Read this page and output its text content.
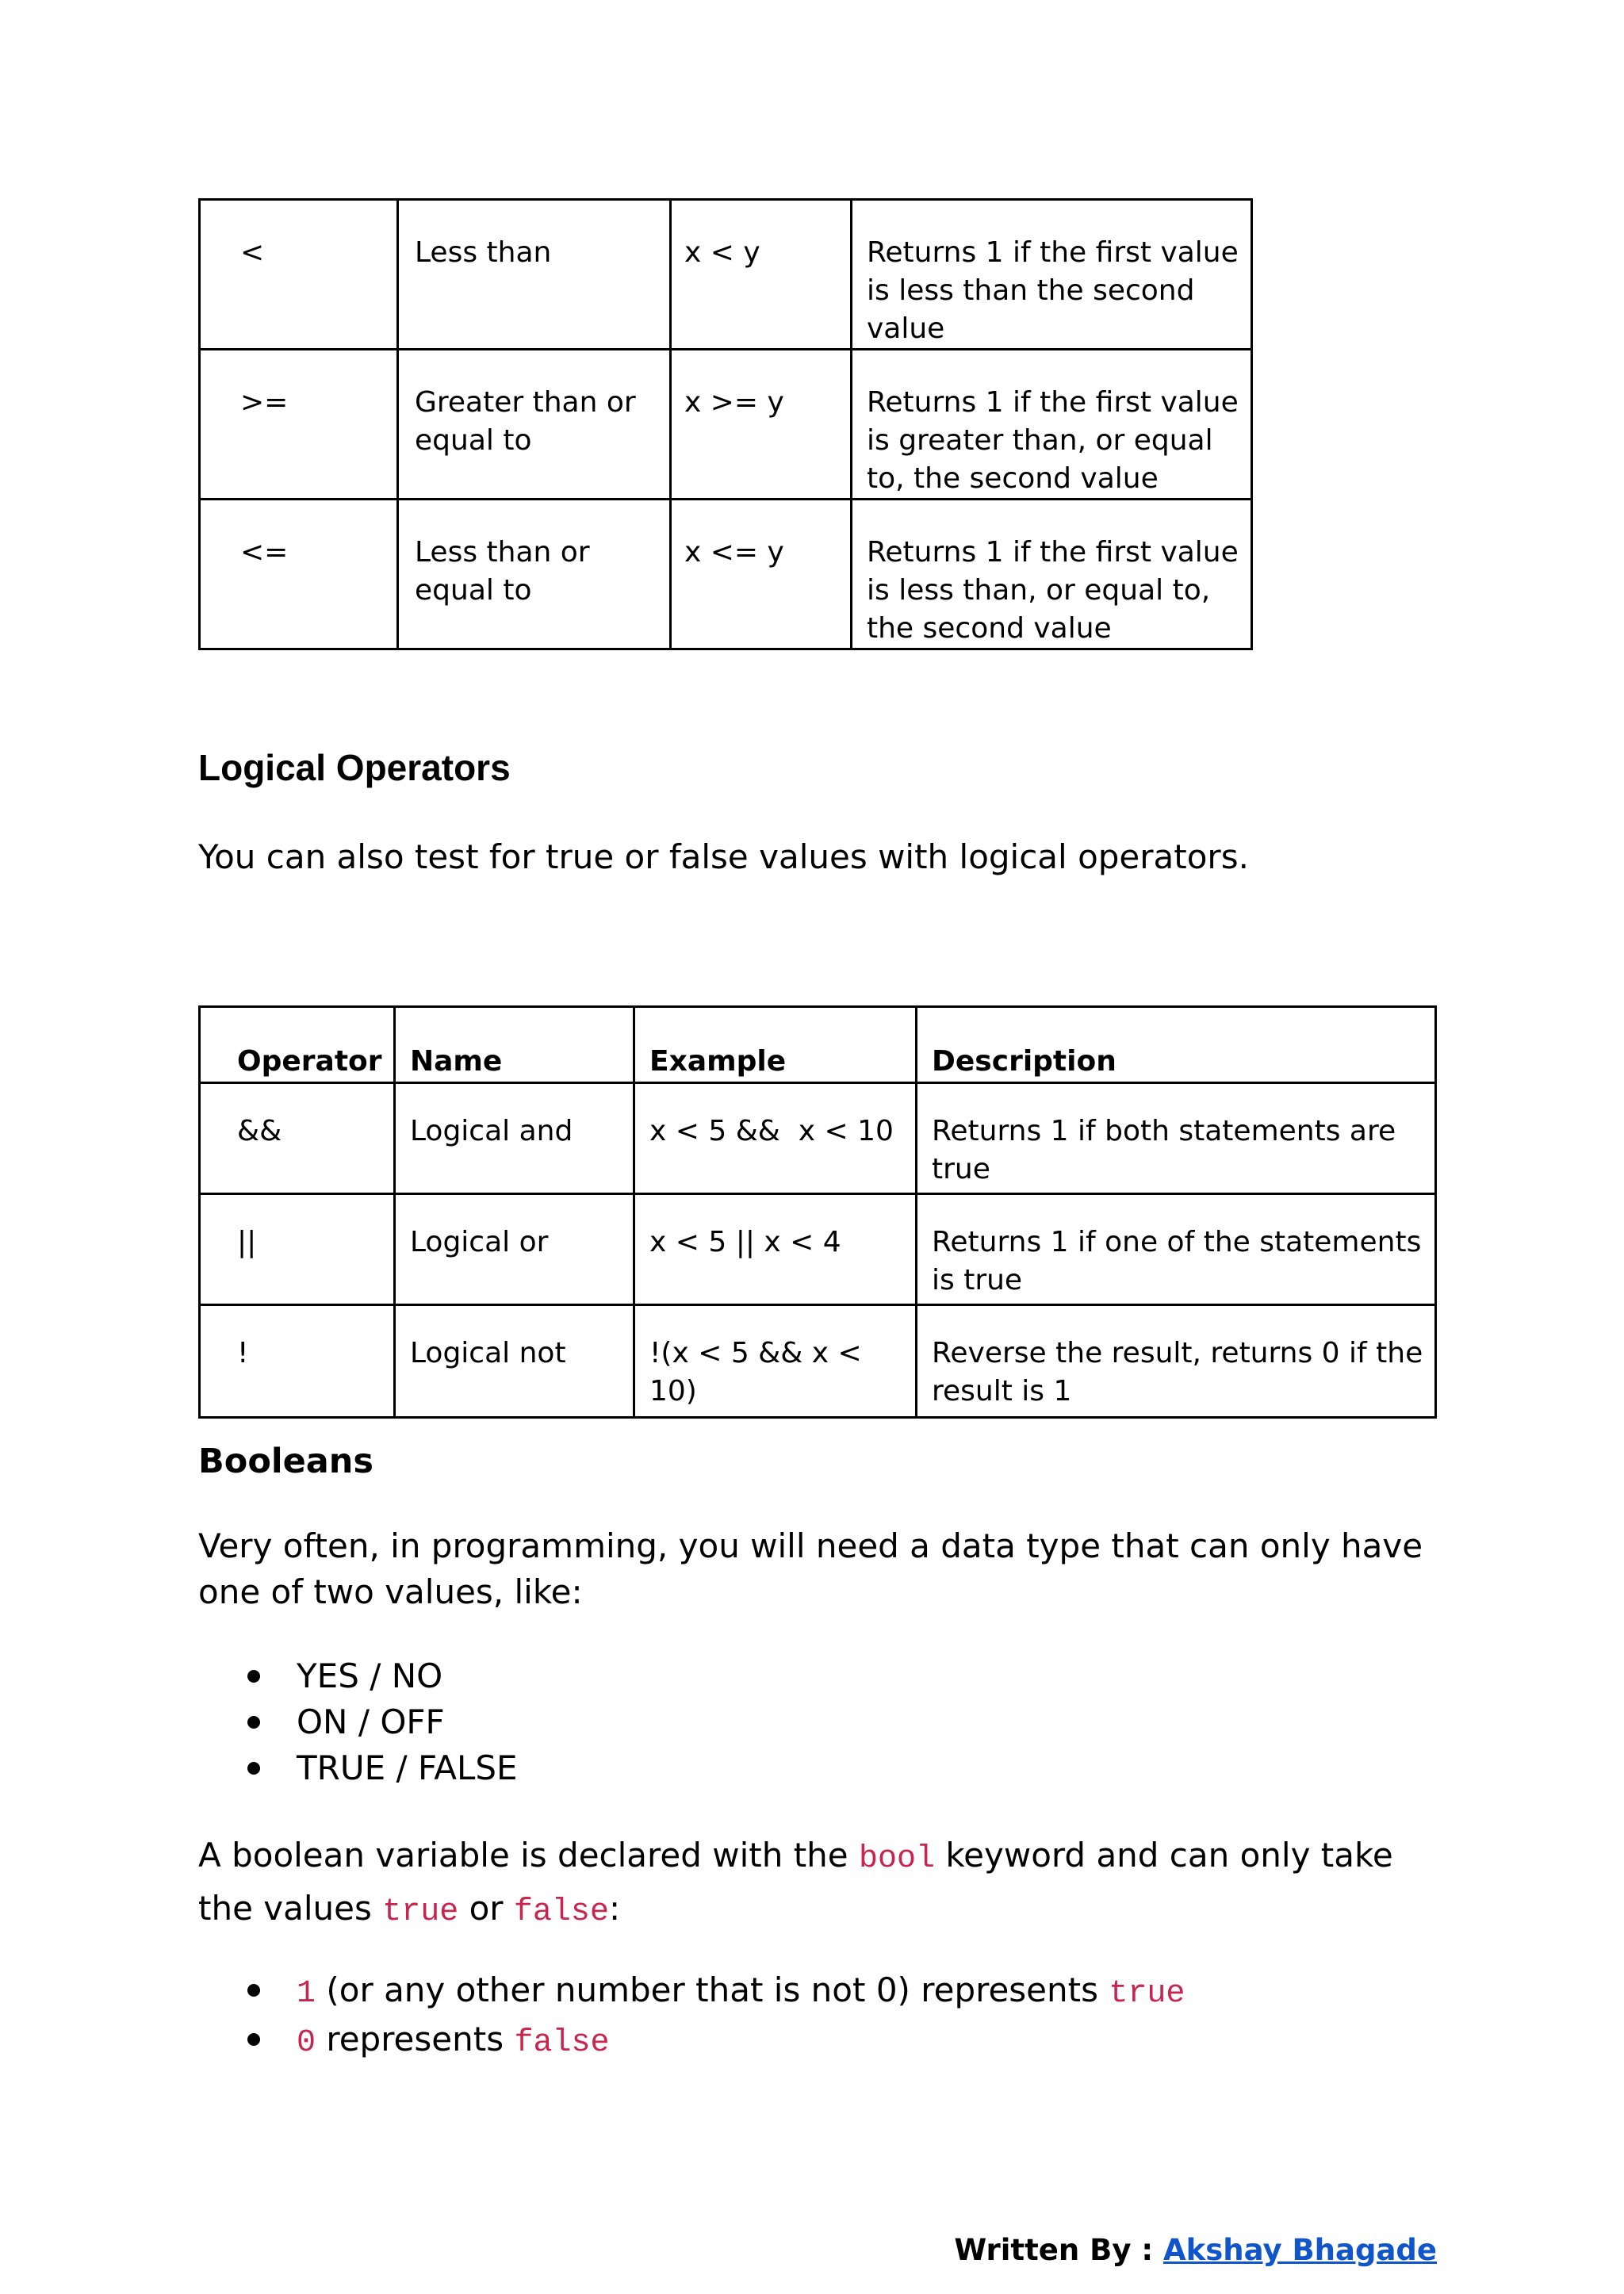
<	Less than	x < y	Returns 1 if the first value is less than the second value
>=	Greater than or equal to	x >= y	Returns 1 if the first value is greater than, or equal to, the second value
<=	Less than or equal to	x <= y	Returns 1 if the first value is less than, or equal to, the second value
Logical Operators

You can also test for true or false values with logical operators.

Operator	Name	Example	Description
&&	Logical and	x < 5 &&  x < 10	Returns 1 if both statements are true
||	Logical or	x < 5 || x < 4	Returns 1 if one of the statements is true
!	Logical not	!(x < 5 && x < 10)	Reverse the result, returns 0 if the result is 1
Booleans

Very often, in programming, you will need a data type that can only have one of two values, like:

YES / NO
ON / OFF
TRUE / FALSE

A boolean variable is declared with the bool keyword and can only take the values true or false:

1 (or any other number that is not 0) represents true
0 represents false

Written By : Akshay Bhagade
